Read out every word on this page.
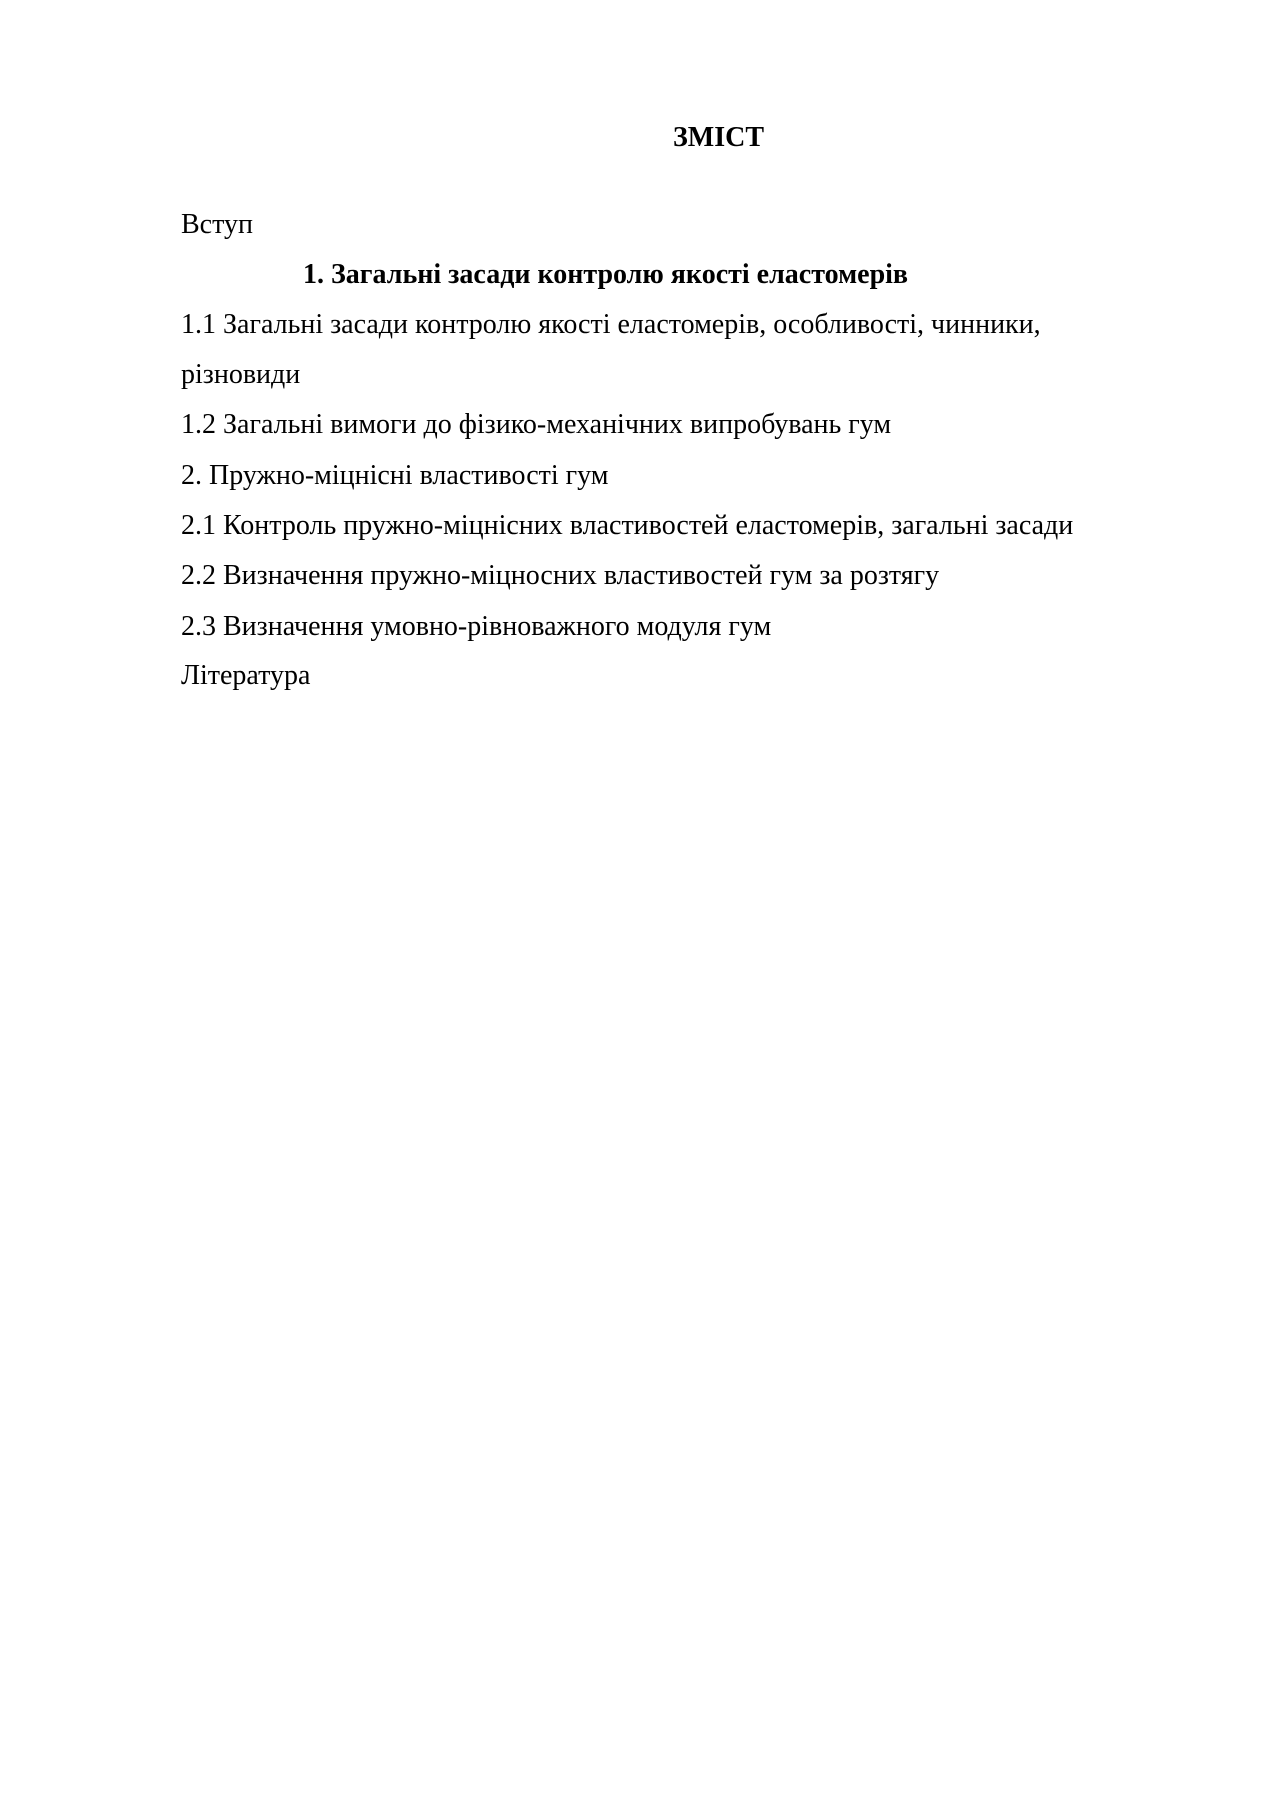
ЗМІСТ
Вступ
1. Загальні засади контролю якості еластомерів
1.1 Загальні засади контролю якості еластомерів, особливості, чинники,
різновиди
1.2 Загальні вимоги до фізико-механічних випробувань гум
2. Пружно-міцнісні властивості гум
2.1 Контроль пружно-міцнісних властивостей еластомерів, загальні засади
2.2 Визначення пружно-міцносних властивостей гум за розтягу
2.3 Визначення умовно-рівноважного модуля гум
Література
